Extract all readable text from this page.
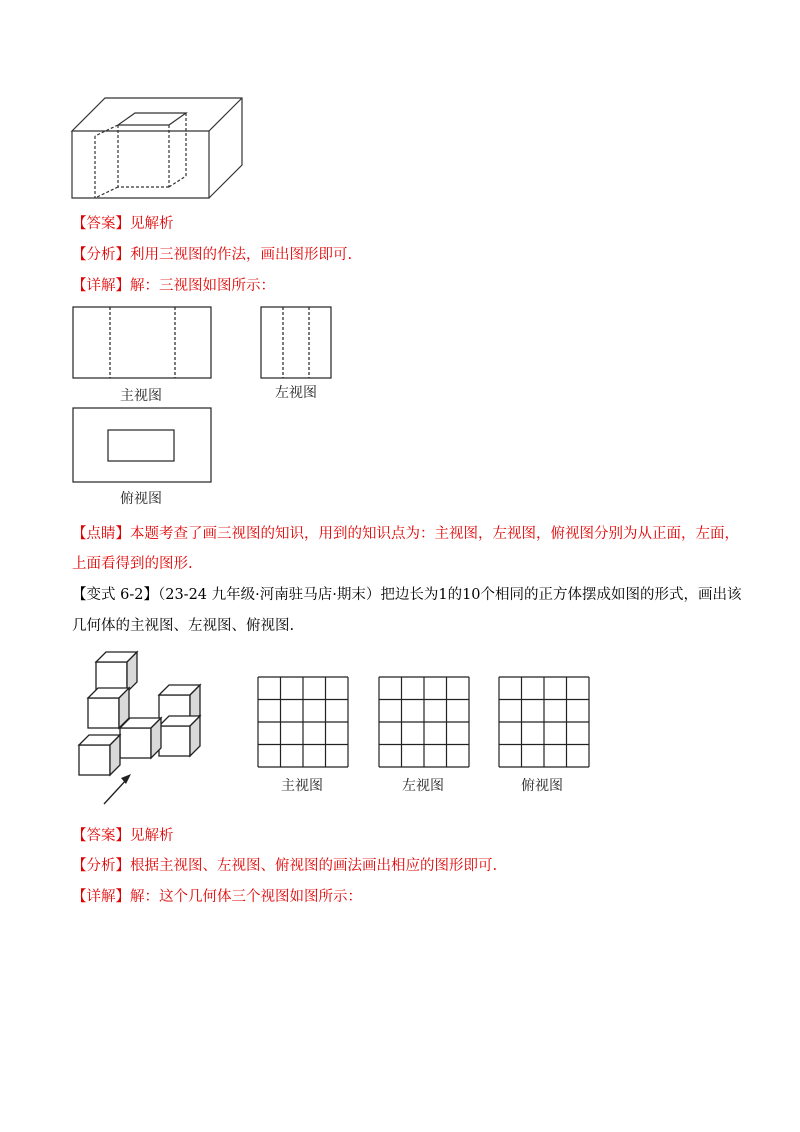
【答案】见解析
【分析】利用三视图的作法，画出图形即可.
【详解】解：三视图如图所示：
主视图	左视图
俯视图
【点睛】本题考查了画三视图的知识，用到的知识点为：主视图，左视图，俯视图分别为从正面，左面，
上面看得到的图形.
【变式 6-2】（23-24 九年级·河南驻马店·期末）把边长为1的10个相同的正方体摆成如图的形式，画出该
几何体的主视图、左视图、俯视图.
主视图	左视图	俯视图
【答案】见解析
【分析】根据主视图、左视图、俯视图的画法画出相应的图形即可.
【详解】解：这个几何体三个视图如图所示：
